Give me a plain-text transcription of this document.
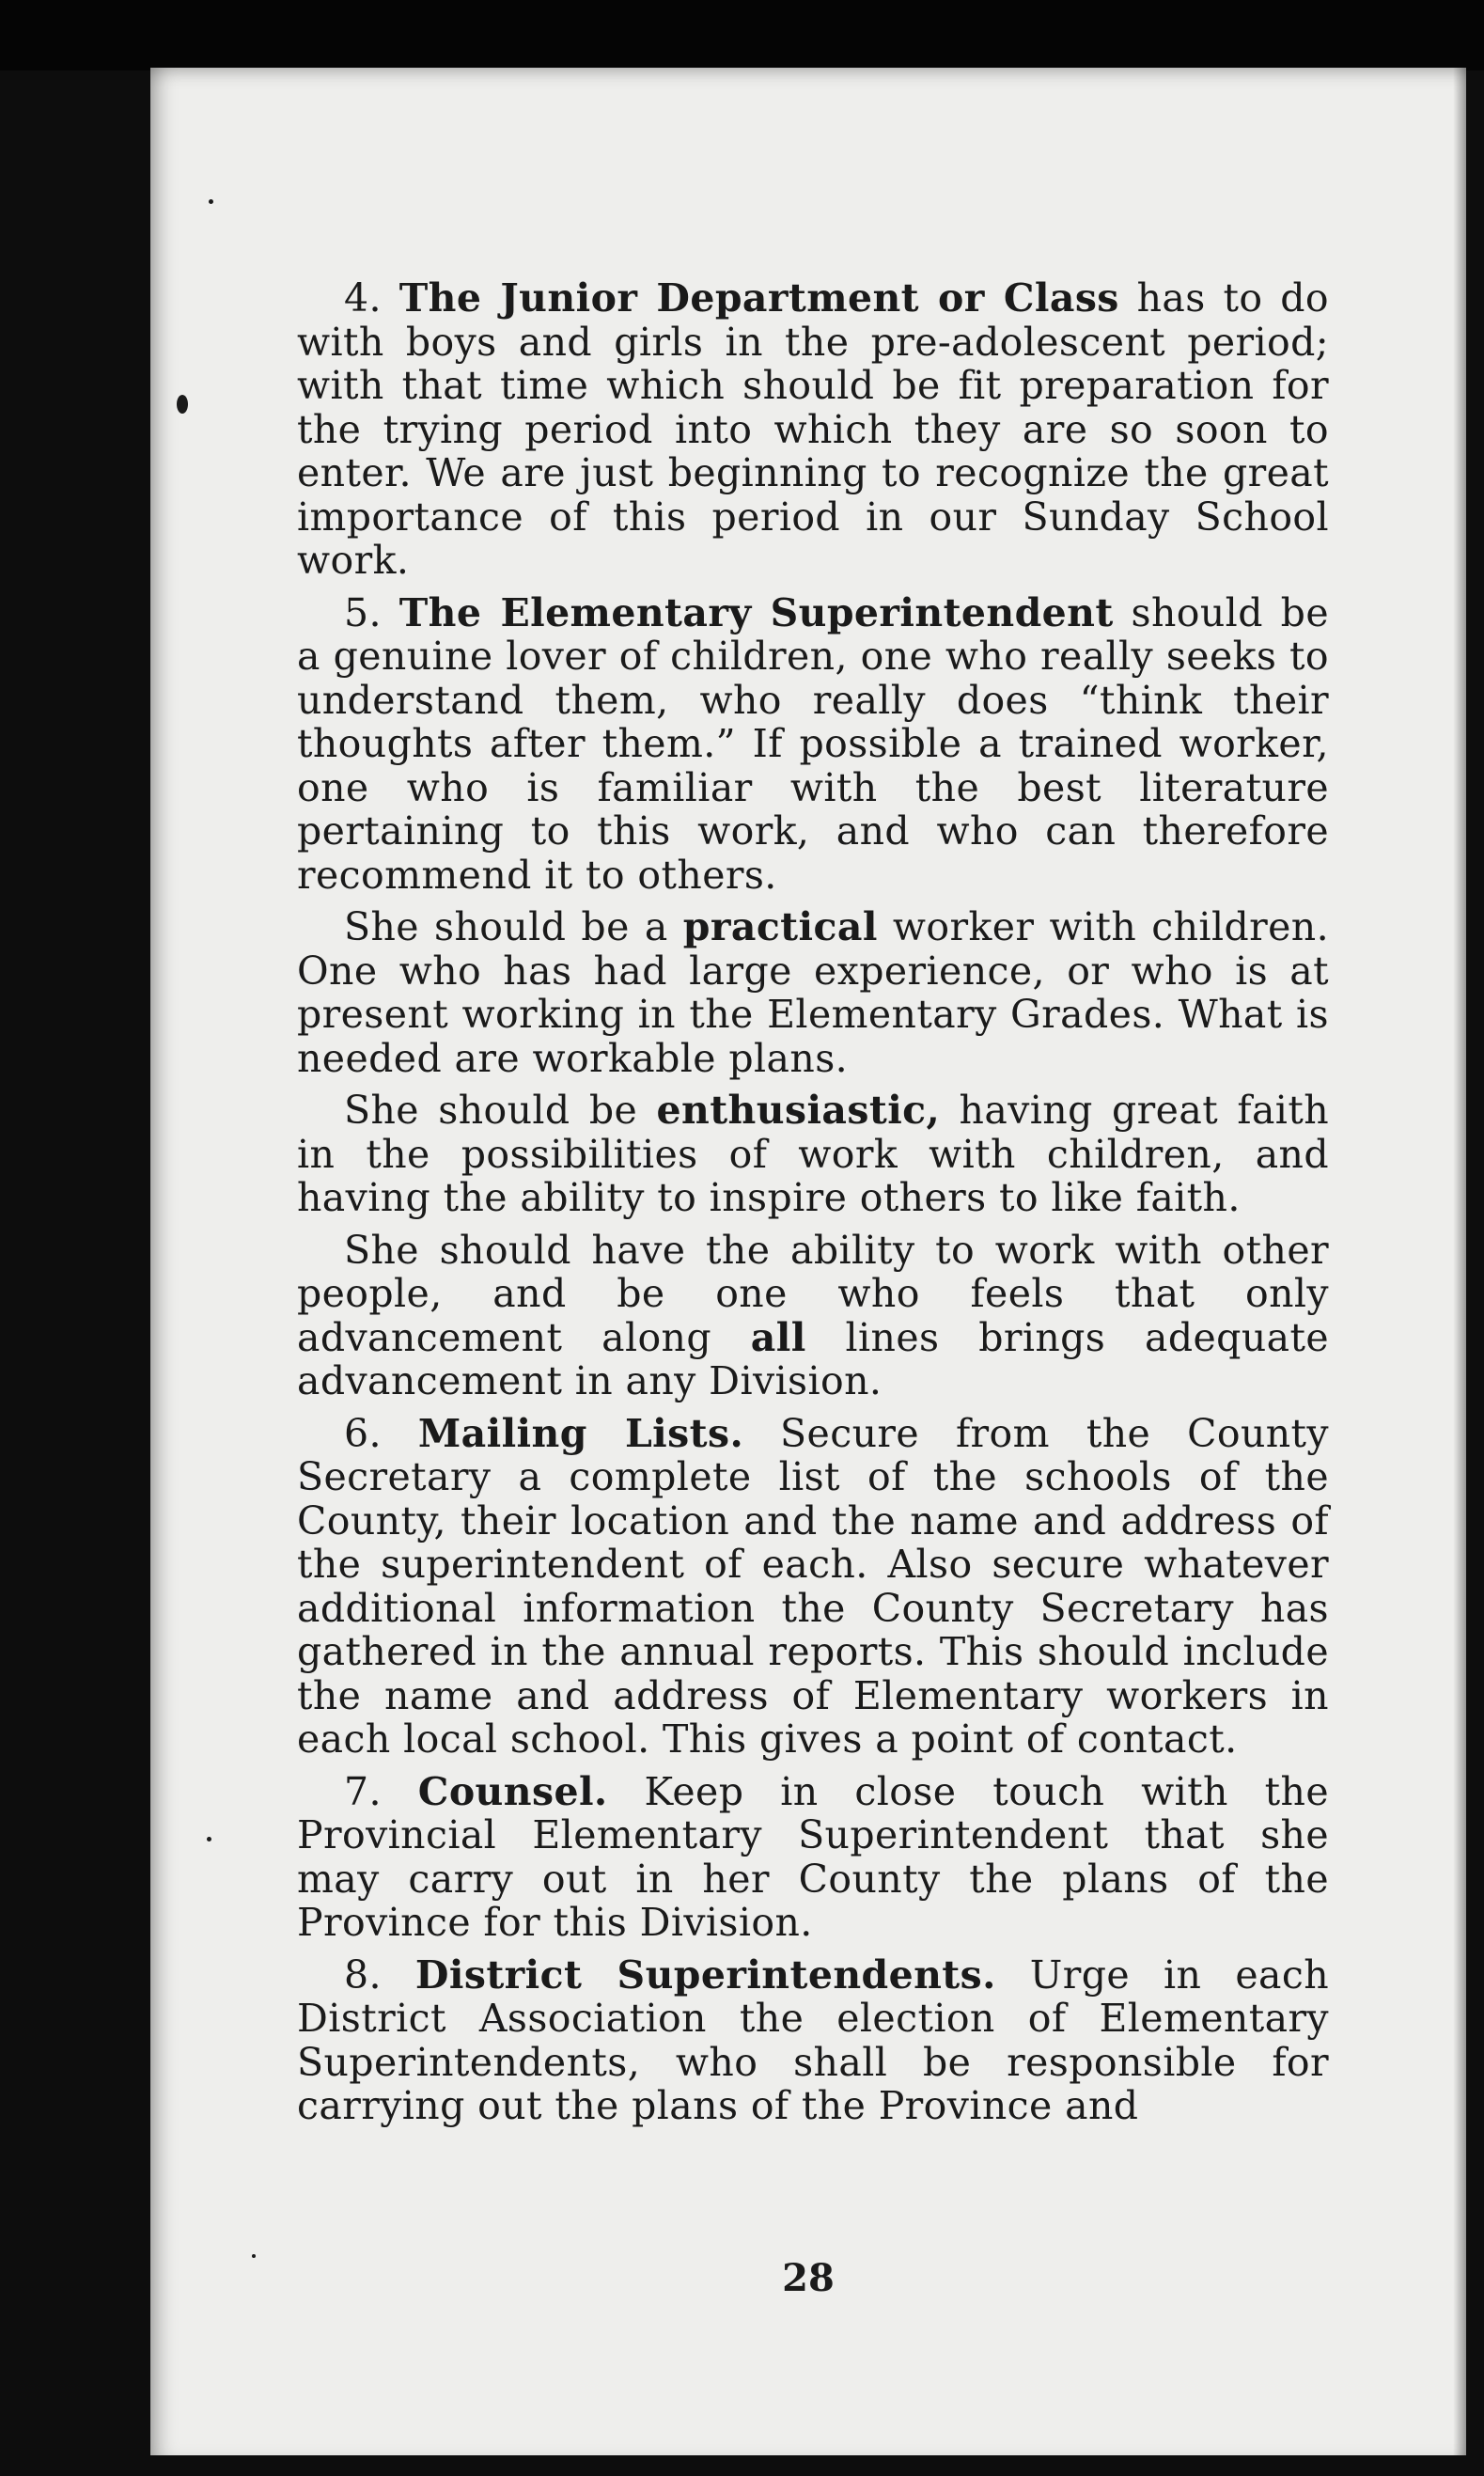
4. The Junior Department or Class has to do with boys and girls in the pre-adolescent period; with that time which should be fit preparation for the trying period into which they are so soon to enter. We are just beginning to recognize the great importance of this period in our Sunday School work.

5. The Elementary Superintendent should be a genuine lover of children, one who really seeks to understand them, who really does “think their thoughts after them.” If possible a trained worker, one who is familiar with the best literature pertaining to this work, and who can therefore recommend it to others.

She should be a practical worker with children. One who has had large experience, or who is at present working in the Elementary Grades. What is needed are workable plans.

She should be enthusiastic, having great faith in the possibilities of work with children, and having the ability to inspire others to like faith.

She should have the ability to work with other people, and be one who feels that only advancement along all lines brings adequate advancement in any Division.

6. Mailing Lists. Secure from the County Secretary a complete list of the schools of the County, their location and the name and address of the superintendent of each. Also secure whatever additional information the County Secretary has gathered in the annual reports. This should include the name and address of Elementary workers in each local school. This gives a point of contact.

7. Counsel. Keep in close touch with the Provincial Elementary Superintendent that she may carry out in her County the plans of the Province for this Division.

8. District Superintendents. Urge in each District Association the election of Elementary Superintendents, who shall be responsible for carrying out the plans of the Province and

28
